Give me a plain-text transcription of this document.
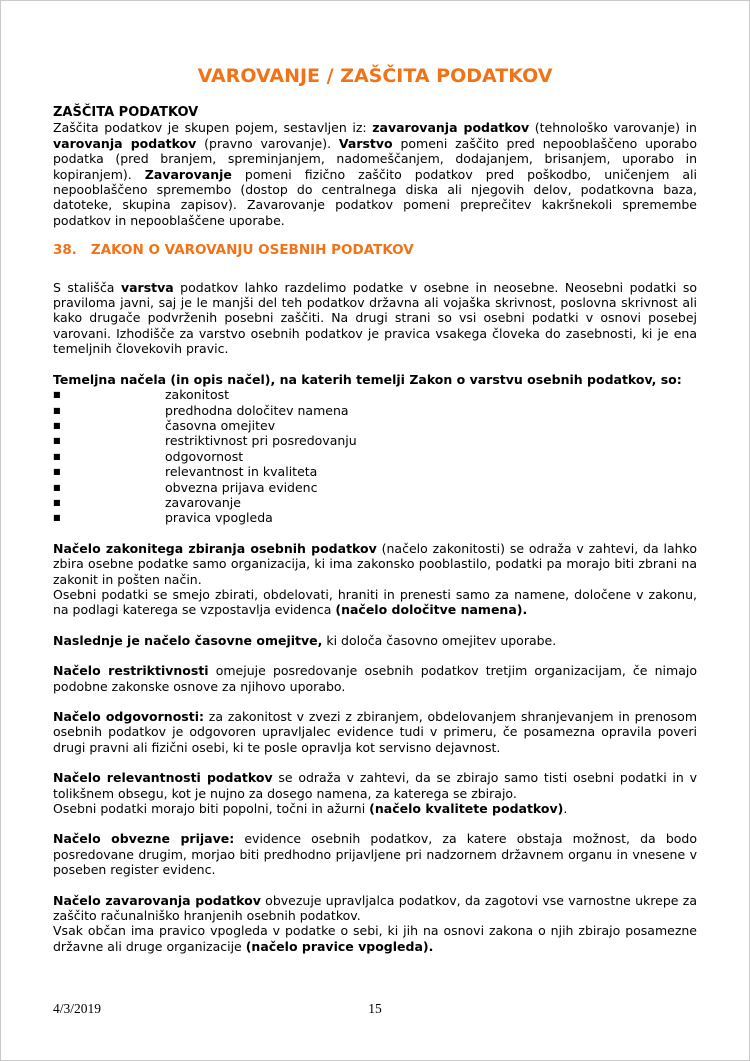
VAROVANJE / ZAŠČITA PODATKOV
ZAŠČITA PODATKOV

Zaščita podatkov je skupen pojem, sestavljen iz: zavarovanja podatkov (tehnološko varovanje) in varovanja podatkov (pravno varovanje). Varstvo pomeni zaščito pred nepooblaščeno uporabo podatka (pred branjem, spreminjanjem, nadomeščanjem, dodajanjem, brisanjem, uporabo in kopiranjem). Zavarovanje pomeni fizično zaščito podatkov pred poškodbo, uničenjem ali nepooblaščeno spremembo (dostop do centralnega diska ali njegovih delov, podatkovna baza, datoteke, skupina zapisov). Zavarovanje podatkov pomeni preprečitev kakršnekoli spremembe podatkov in nepooblaščene uporabe.

38. ZAKON O VAROVANJU OSEBNIH PODATKOV

S stališča varstva podatkov lahko razdelimo podatke v osebne in neosebne. Neosebni podatki so praviloma javni, saj je le manjši del teh podatkov državna ali vojaška skrivnost, poslovna skrivnost ali kako drugače podvrženih posebni zaščiti. Na drugi strani so vsi osebni podatki v osnovi posebej varovani. Izhodišče za varstvo osebnih podatkov je pravica vsakega človeka do zasebnosti, ki je ena temeljnih človekovih pravic.

Temeljna načela (in opis načel), na katerih temelji Zakon o varstvu osebnih podatkov, so:

■	zakonitost
■	predhodna določitev namena
■	časovna omejitev
■	restriktivnost pri posredovanju
■	odgovornost
■	relevantnost in kvaliteta
■	obvezna prijava evidenc
■	zavarovanje
■	pravica vpogleda

Načelo zakonitega zbiranja osebnih podatkov (načelo zakonitosti) se odraža v zahtevi, da lahko zbira osebne podatke samo organizacija, ki ima zakonsko pooblastilo, podatki pa morajo biti zbrani na zakonit in pošten način.

Osebni podatki se smejo zbirati, obdelovati, hraniti in prenesti samo za namene, določene v zakonu, na podlagi katerega se vzpostavlja evidenca (načelo določitve namena).

Naslednje je načelo časovne omejitve, ki določa časovno omejitev uporabe.

Načelo restriktivnosti omejuje posredovanje osebnih podatkov tretjim organizacijam, če nimajo podobne zakonske osnove za njihovo uporabo.

Načelo odgovornosti: za zakonitost v zvezi z zbiranjem, obdelovanjem shranjevanjem in prenosom osebnih podatkov je odgovoren upravljalec evidence tudi v primeru, če posamezna opravila poveri drugi pravni ali fizični osebi, ki te posle opravlja kot servisno dejavnost.

Načelo relevantnosti podatkov se odraža v zahtevi, da se zbirajo samo tisti osebni podatki in v tolikšnem obsegu, kot je nujno za dosego namena, za katerega se zbirajo.

Osebni podatki morajo biti popolni, točni in ažurni (načelo kvalitete podatkov).

Načelo obvezne prijave: evidence osebnih podatkov, za katere obstaja možnost, da bodo posredovane drugim, morjao biti predhodno prijavljene pri nadzornem državnem organu in vnesene v poseben register evidenc.

Načelo zavarovanja podatkov obvezuje upravljalca podatkov, da zagotovi vse varnostne ukrepe za zaščito računalniško hranjenih osebnih podatkov.

Vsak občan ima pravico vpogleda v podatke o sebi, ki jih na osnovi zakona o njih zbirajo posamezne državne ali druge organizacije (načelo pravice vpogleda).

4/3/2019	15
